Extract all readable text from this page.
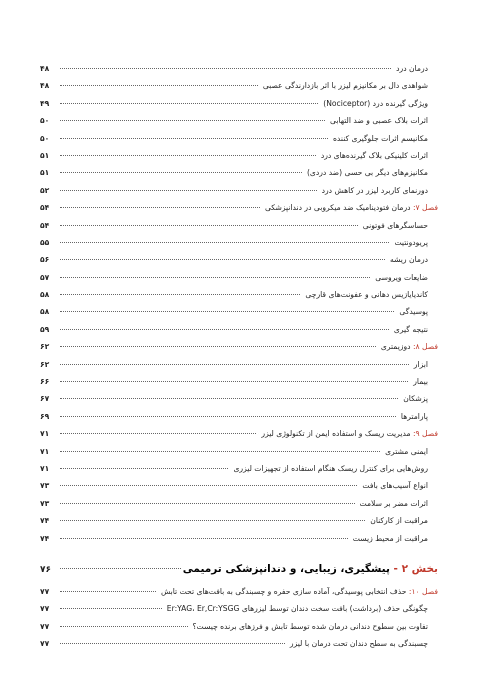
درمان درد
۴۸
شواهدی دال بر مکانیزم لیزر با اثر بازدارندگی عصبی
۴۸
ویژگی گیرنده درد (Nociceptor)
۴۹
اثرات بلاک عصبی و ضد التهابی
۵۰
مکانیسم اثرات جلوگیری کننده
۵۰
اثرات کلینیکی بلاک گیرنده‌های درد
۵۱
مکانیزم‌های دیگر بی حسی (ضد دردی)
۵۱
دورنمای کاربرد لیزر در کاهش درد
۵۲
فصل ۷: درمان فتودینامیک ضد میکروبی در دندانپزشکی
۵۴
حساسگرهای فوتونی
۵۴
پریودونتیت
۵۵
درمان ریشه
۵۶
ضایعات ویروسی
۵۷
کاندیایازیس دهانی و عفونت‌های قارچی
۵۸
پوسیدگی
۵۸
نتیجه گیری
۵۹
فصل ۸: دوزیمتری
۶۲
ابزار
۶۲
بیمار
۶۶
پزشکان
۶۷
پارامترها
۶۹
فصل ۹: مدیریت ریسک و استفاده ایمن از تکنولوژی لیزر
۷۱
ایمنی مشتری
۷۱
روش‌هایی برای کنترل ریسک هنگام استفاده از تجهیزات لیزری
۷۱
انواع آسیب‌های بافت
۷۳
اثرات مضر بر سلامت
۷۳
مراقبت از کارکنان
۷۴
مراقبت از محیط زیست
۷۴
بخش ۲ - پیشگیری، زیبایی، و دندانپزشکی ترمیمی
۷۶
فصل ۱۰: حذف انتخابی پوسیدگی، آماده سازی حفره و چسبندگی به بافت‌های تحت تابش
۷۷
چگونگی حذف (برداشت) بافت سخت دندان توسط لیزرهای Er:YAG، Er,Cr:YSGG
۷۷
تفاوت بین سطوح دندانی درمان شده توسط تابش و فرزهای برنده چیست؟
۷۷
چسبندگی به سطح دندان تحت درمان با لیزر
۷۷
